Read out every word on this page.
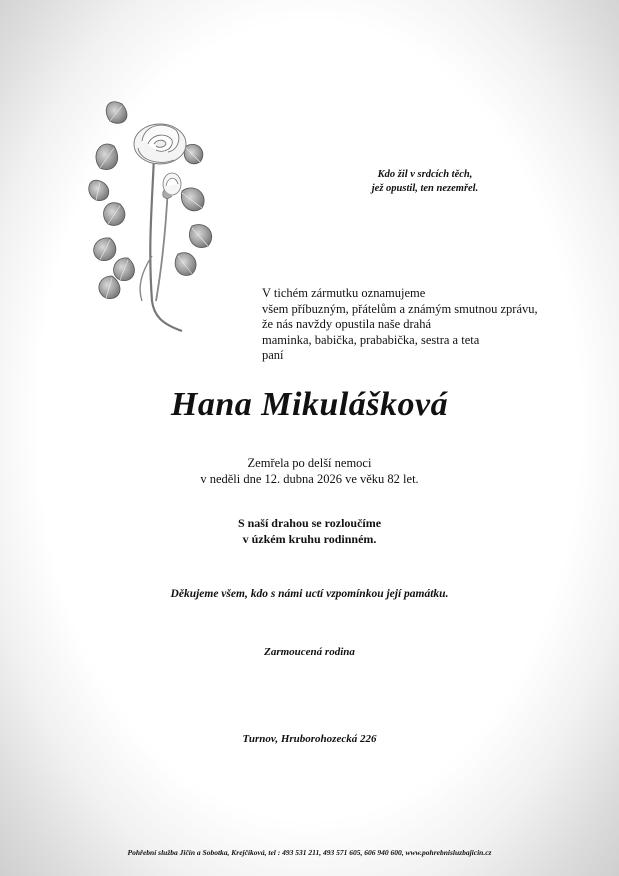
Kdo žil v srdcích těch,
jež opustil, ten nezemřel.
V tichém zármutku oznamujeme
všem příbuzným, přátelům a známým smutnou zprávu,
že nás navždy opustila naše drahá
maminka, babička, prababička, sestra a teta
paní
Hana Mikulášková
Zemřela po delší nemoci
v neděli dne 12. dubna 2026 ve věku 82 let.
S naší drahou se rozloučíme
v úzkém kruhu rodinném.
Děkujeme všem, kdo s námi uctí vzpomínkou její památku.
Zarmoucená rodina
Turnov, Hruborohozecká 226
Pohřební služba Jičín a Sobotka, Krejčíková, tel : 493 531 211, 493 571 605, 606 940 600, www.pohrebnisluzbajicin.cz
